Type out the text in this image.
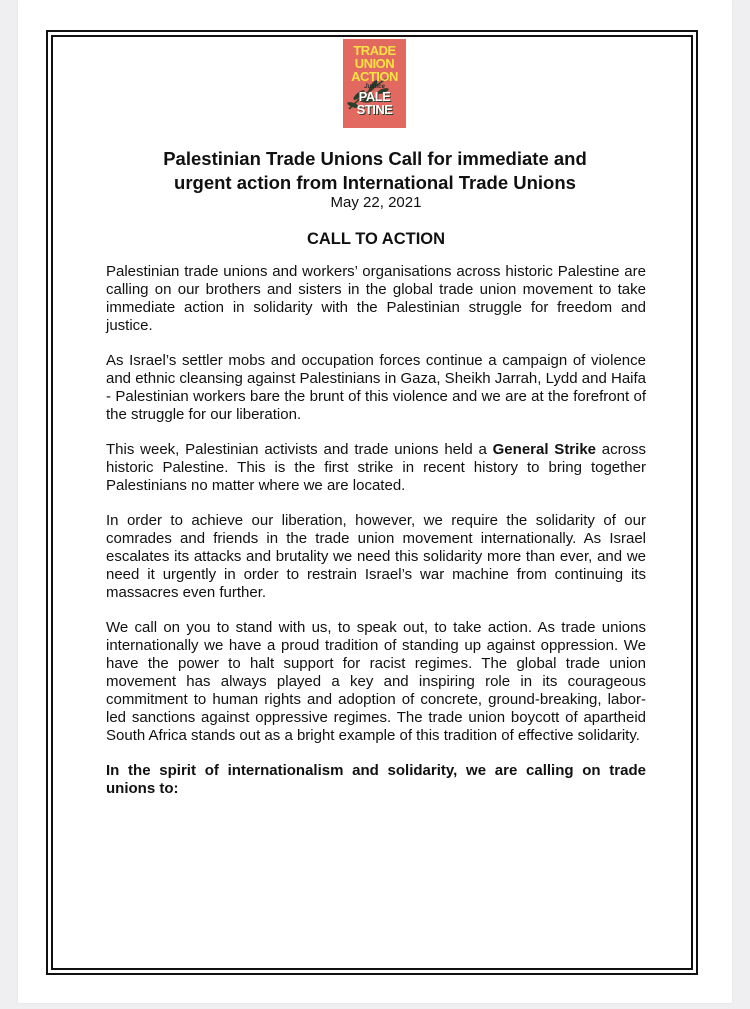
TRADE
UNION
ACTION
Justice
PALE
STINE
Palestinian Trade Unions Call for immediate and
urgent action from International Trade Unions
May 22, 2021
CALL TO ACTION

Palestinian trade unions and workers’ organisations across historic Palestine are calling on our brothers and sisters in the global trade union movement to take immediate action in solidarity with the Palestinian struggle for freedom and justice.

As Israel’s settler mobs and occupation forces continue a campaign of violence and ethnic cleansing against Palestinians in Gaza, Sheikh Jarrah, Lydd and Haifa - Palestinian workers bare the brunt of this violence and we are at the forefront of the struggle for our liberation.

This week, Palestinian activists and trade unions held a General Strike across historic Palestine. This is the first strike in recent history to bring together Palestinians no matter where we are located.

In order to achieve our liberation, however, we require the solidarity of our comrades and friends in the trade union movement internationally. As Israel escalates its attacks and brutality we need this solidarity more than ever, and we need it urgently in order to restrain Israel’s war machine from continuing its massacres even further.

We call on you to stand with us, to speak out, to take action. As trade unions internationally we have a proud tradition of standing up against oppression. We have the power to halt support for racist regimes. The global trade union movement has always played a key and inspiring role in its courageous commitment to human rights and adoption of concrete, ground-breaking, labor-led sanctions against oppressive regimes. The trade union boycott of apartheid South Africa stands out as a bright example of this tradition of effective solidarity.

In the spirit of internationalism and solidarity, we are calling on trade unions to:
